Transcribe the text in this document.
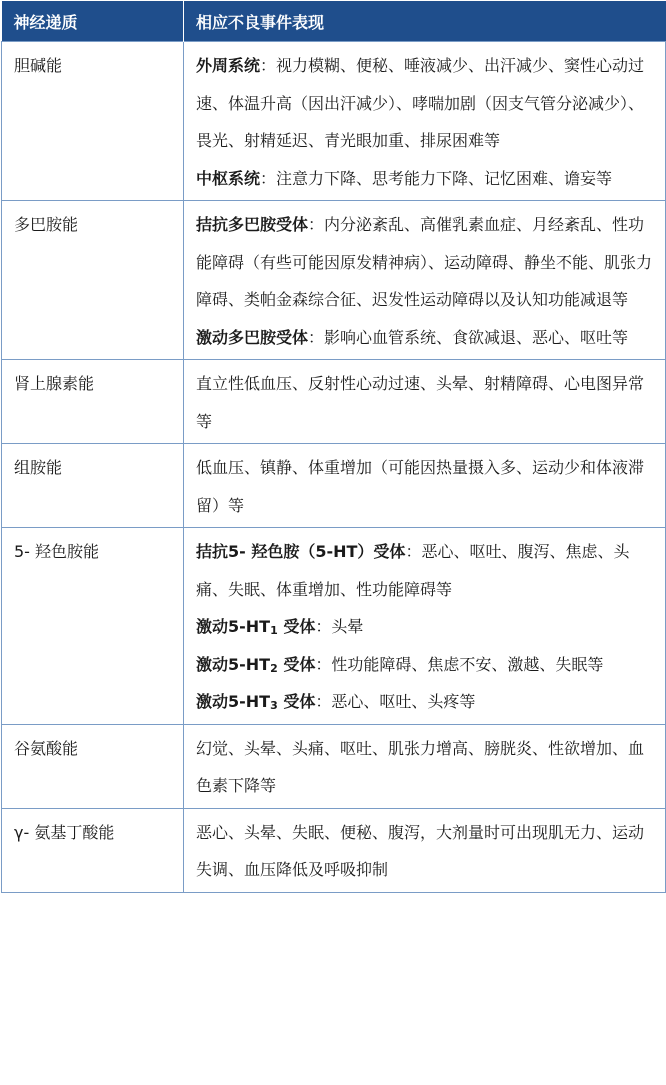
神经递质	相应不良事件表现
胆碱能	外周系统：视力模糊、便秘、唾液减少、出汗减少、窦性心动过速、体温升高（因出汗减少）、哮喘加剧（因支气管分泌减少）、畏光、射精延迟、青光眼加重、排尿困难等
中枢系统：注意力下降、思考能力下降、记忆困难、谵妄等

多巴胺能	拮抗多巴胺受体：内分泌紊乱、高催乳素血症、月经紊乱、性功能障碍（有些可能因原发精神病）、运动障碍、静坐不能、肌张力障碍、类帕金森综合征、迟发性运动障碍以及认知功能减退等
激动多巴胺受体：影响心血管系统、食欲减退、恶心、呕吐等

肾上腺素能	直立性低血压、反射性心动过速、头晕、射精障碍、心电图异常等

组胺能	低血压、镇静、体重增加（可能因热量摄入多、运动少和体液滞留）等

5- 羟色胺能	拮抗5- 羟色胺（5-HT）受体：恶心、呕吐、腹泻、焦虑、头痛、失眠、体重增加、性功能障碍等
激动$5-HT_1$ 受体：头晕
激动$5-HT_2$ 受体：性功能障碍、焦虑不安、激越、失眠等
激动$5-HT_3$ 受体：恶心、呕吐、头疼等

谷氨酸能	幻觉、头晕、头痛、呕吐、肌张力增高、膀胱炎、性欲增加、血色素下降等

γ- 氨基丁酸能	恶心、头晕、失眠、便秘、腹泻，大剂量时可出现肌无力、运动失调、血压降低及呼吸抑制
